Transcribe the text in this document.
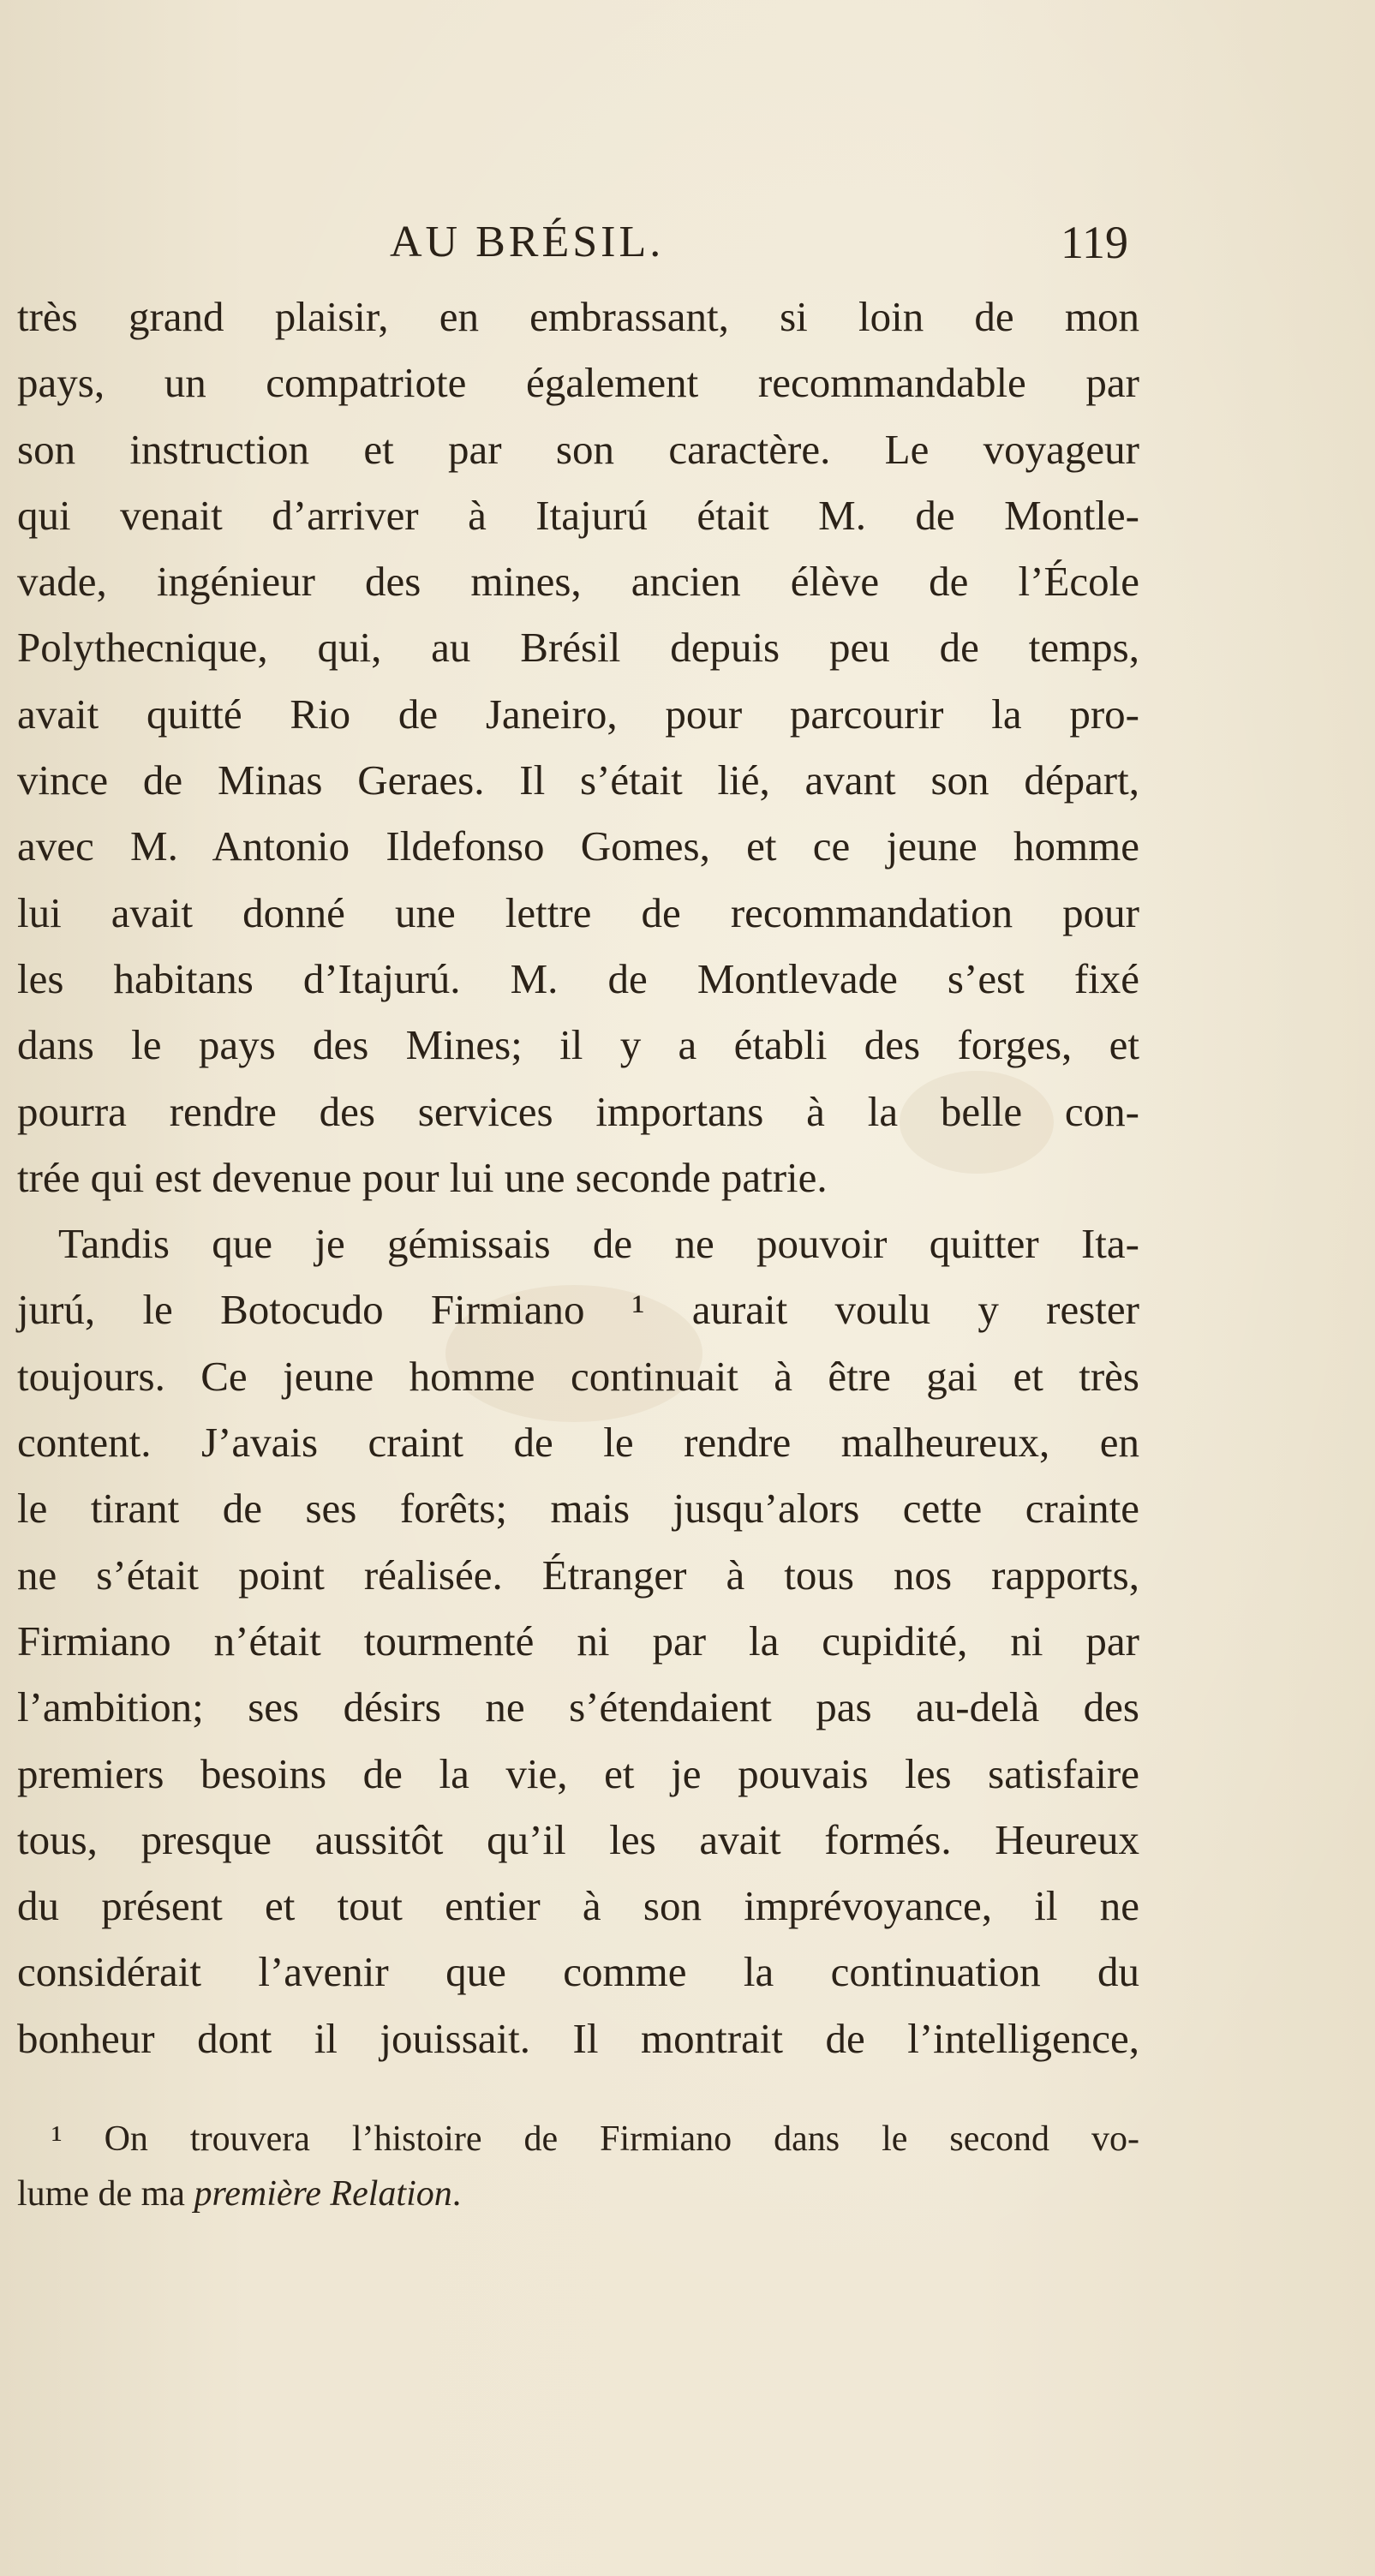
AU BRÉSIL.	119
très grand plaisir, en embrassant, si loin de mon
pays, un compatriote également recommandable par
son instruction et par son caractère. Le voyageur
qui venait d’arriver à Itajurú était M. de Montle-
vade, ingénieur des mines, ancien élève de l’École
Polythecnique, qui, au Brésil depuis peu de temps,
avait quitté Rio de Janeiro, pour parcourir la pro-
vince de Minas Geraes. Il s’était lié, avant son départ,
avec M. Antonio Ildefonso Gomes, et ce jeune homme
lui avait donné une lettre de recommandation pour
les habitans d’Itajurú. M. de Montlevade s’est fixé
dans le pays des Mines; il y a établi des forges, et
pourra rendre des services importans à la belle con-
trée qui est devenue pour lui une seconde patrie.
Tandis que je gémissais de ne pouvoir quitter Ita-
jurú, le Botocudo Firmiano ¹ aurait voulu y rester
toujours. Ce jeune homme continuait à être gai et très
content. J’avais craint de le rendre malheureux, en
le tirant de ses forêts; mais jusqu’alors cette crainte
ne s’était point réalisée. Étranger à tous nos rapports,
Firmiano n’était tourmenté ni par la cupidité, ni par
l’ambition; ses désirs ne s’étendaient pas au-delà des
premiers besoins de la vie, et je pouvais les satisfaire
tous, presque aussitôt qu’il les avait formés. Heureux
du présent et tout entier à son imprévoyance, il ne
considérait l’avenir que comme la continuation du
bonheur dont il jouissait. Il montrait de l’intelligence,
¹ On trouvera l’histoire de Firmiano dans le second vo-
lume de ma première Relation.
